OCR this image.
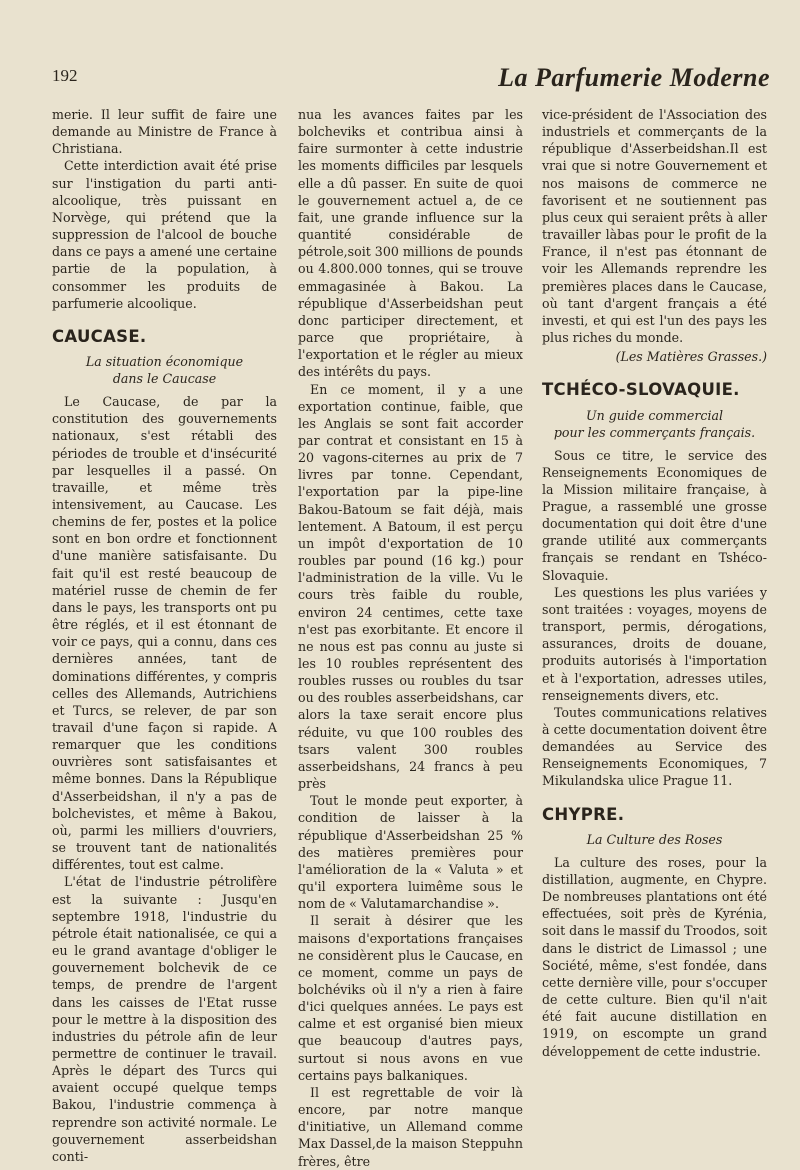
192	La Parfumerie Moderne

merie. Il leur suffit de faire une demande au Ministre de France à Christiana.

Cette interdiction avait été prise sur l'instigation du parti anti-alcoolique, très puissant en Norvège, qui prétend que la suppression de l'alcool de bouche dans ce pays a amené une certaine partie de la population, à consommer les produits de parfumerie alcoolique.

CAUCASE.
La situation économique
dans le Caucase

Le Caucase, de par la constitution des gouvernements nationaux, s'est rétabli des périodes de trouble et d'insécurité par lesquelles il a passé. On travaille, et même très intensivement, au Caucase. Les chemins de fer, postes et la police sont en bon ordre et fonctionnent d'une manière satisfaisante. Du fait qu'il est resté beaucoup de matériel russe de chemin de fer dans le pays, les transports ont pu être réglés, et il est étonnant de voir ce pays, qui a connu, dans ces dernières années, tant de dominations différentes, y compris celles des Allemands, Autrichiens et Turcs, se relever, de par son travail d'une façon si rapide. A remarquer que les conditions ouvrières sont satisfaisantes et même bonnes. Dans la République d'Asserbeidshan, il n'y a pas de bolchevistes, et même à Bakou, où, parmi les milliers d'ouvriers, se trouvent tant de nationalités différentes, tout est calme.

L'état de l'industrie pétrolifère est la suivante : Jusqu'en septembre 1918, l'industrie du pétrole était nationalisée, ce qui a eu le grand avantage d'obliger le gouvernement bolchevik de ce temps, de prendre de l'argent dans les caisses de l'Etat russe pour le mettre à la disposition des industries du pétrole afin de leur permettre de continuer le travail. Après le départ des Turcs qui avaient occupé quelque temps Bakou, l'industrie commença à reprendre son activité normale. Le gouvernement asserbeidshan conti-

nua les avances faites par les bolcheviks et contribua ainsi à faire surmonter à cette industrie les moments difficiles par lesquels elle a dû passer. En suite de quoi le gouvernement actuel a, de ce fait, une grande influence sur la quantité considérable de pétrole,soit 300 millions de pounds ou 4.800.000 tonnes, qui se trouve emmagasinée à Bakou. La république d'Asserbeidshan peut donc participer directement, et parce que propriétaire, à l'exportation et le régler au mieux des intérêts du pays.

En ce moment, il y a une exportation continue, faible, que les Anglais se sont fait accorder par contrat et consistant en 15 à 20 vagons-citernes au prix de 7 livres par tonne. Cependant, l'exportation par la pipe-line Bakou-Batoum se fait déjà, mais lentement. A Batoum, il est perçu un impôt d'exportation de 10 roubles par pound (16 kg.) pour l'administration de la ville. Vu le cours très faible du rouble, environ 24 centimes, cette taxe n'est pas exorbitante. Et encore il ne nous est pas connu au juste si les 10 roubles représentent des roubles russes ou roubles du tsar ou des roubles asserbeidshans, car alors la taxe serait encore plus réduite, vu que 100 roubles des tsars valent 300 roubles asserbeidshans, 24 francs à peu près

Tout le monde peut exporter, à condition de laisser à la république d'Asserbeidshan 25 % des matières premières pour l'amélioration de la « Valuta » et qu'il exportera luimême sous le nom de « Valutamarchandise ».

Il serait à désirer que les maisons d'exportations françaises ne considèrent plus le Caucase, en ce moment, comme un pays de bolchéviks où il n'y a rien à faire d'ici quelques années. Le pays est calme et est organisé bien mieux que beaucoup d'autres pays, surtout si nous avons en vue certains pays balkaniques.

Il est regrettable de voir là encore, par notre manque d'initiative, un Allemand comme Max Dassel,de la maison Steppuhn frères, être

vice-président de l'Association des industriels et commerçants de la république d'Asserbeidshan.Il est vrai que si notre Gouvernement et nos maisons de commerce ne favorisent et ne soutiennent pas plus ceux qui seraient prêts à aller travailler làbas pour le profit de la France, il n'est pas étonnant de voir les Allemands reprendre les premières places dans le Caucase, où tant d'argent français a été investi, et qui est l'un des pays les plus riches du monde.

(Les Matières Grasses.)
TCHÉCO-SLOVAQUIE.
Un guide commercial
pour les commerçants français.

Sous ce titre, le service des Renseignements Economiques de la Mission militaire française, à Prague, a rassemblé une grosse documentation qui doit être d'une grande utilité aux commerçants français se rendant en Tshéco-Slovaquie.

Les questions les plus variées y sont traitées : voyages, moyens de transport, permis, dérogations, assurances, droits de douane, produits autorisés à l'importation et à l'exportation, adresses utiles, renseignements divers, etc.

Toutes communications relatives à cette documentation doivent être demandées au Service des Renseignements Economiques, 7 Mikulandska ulice Prague 11.

CHYPRE.
La Culture des Roses

La culture des roses, pour la distillation, augmente, en Chypre. De nombreuses plantations ont été effectuées, soit près de Kyrénia, soit dans le massif du Troodos, soit dans le district de Limassol ; une Société, même, s'est fondée, dans cette dernière ville, pour s'occuper de cette culture. Bien qu'il n'ait été fait aucune distillation en 1919, on escompte un grand développement de cette industrie.
